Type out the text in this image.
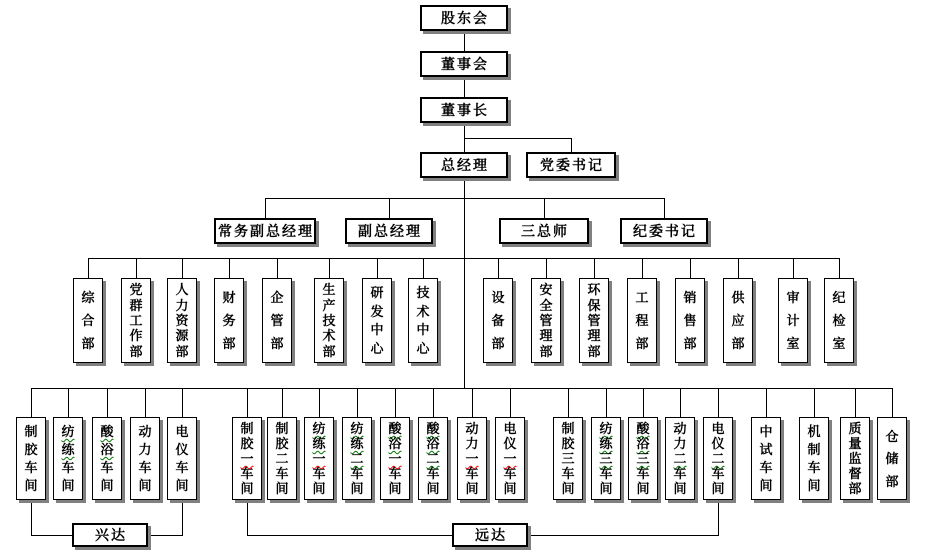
股东会
董事会
董事长
总经理	党委书记
常务副总经理	副总经理	三总师	纪委书记
综
合
部
党
群
工
作
部
人
力
资
源
部
财
务
部
企
管
部
生
产
技
术
部
研
发
中
心
技
术
中
心
设
备
部
安
全
管
理
部
环
保
管
理
部
工
程
部
销
售
部
供
应
部
审
计
室
纪
检
室
制
胶
车
间
纺
练
车
间
酸
浴
车
间
动
力
车
间
电
仪
车
间
制
胶
一
车
间
制
胶
二
车
间
纺
练
一
车
间
纺
练
二
车
间
酸
浴
一
车
间
酸
浴
二
车
间
动
力
一
车
间
电
仪
一
车
间
制
胶
三
车
间
纺
练
三
车
间
酸
浴
三
车
间
动
力
二
车
间
电
仪
二
车
间
中
试
车
间
机
制
车
间
质
量
监
督
部
仓
储
部
兴达	远达
